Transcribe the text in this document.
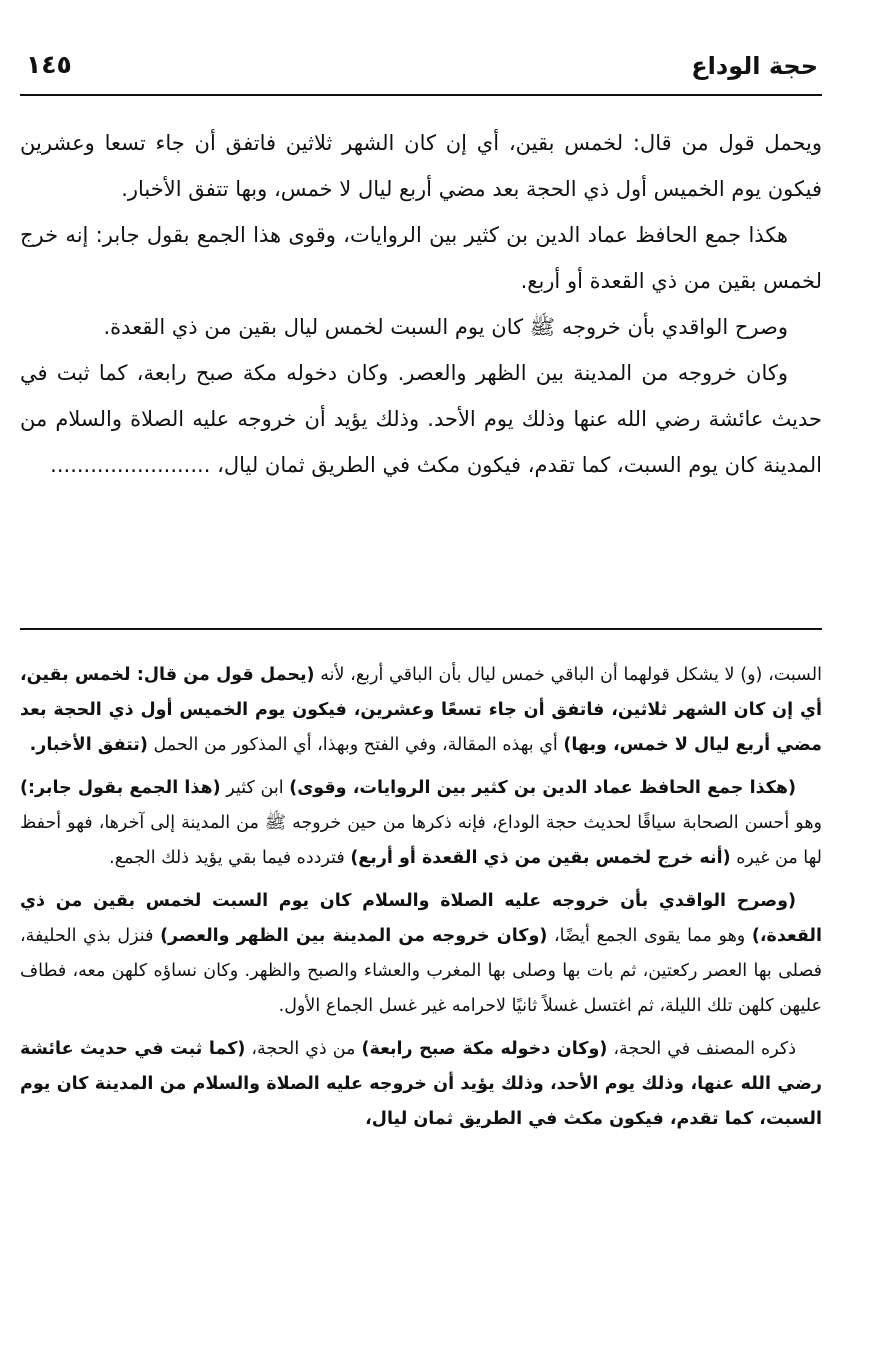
حجة الوداع
١٤٥

ويحمل قول من قال: لخمس بقين، أي إن كان الشهر ثلاثين فاتفق أن جاء تسعا وعشرين فيكون يوم الخميس أول ذي الحجة بعد مضي أربع ليال لا خمس، وبها تتفق الأخبار.

هكذا جمع الحافظ عماد الدين بن كثير بين الروايات، وقوى هذا الجمع بقول جابر: إنه خرج لخمس بقين من ذي القعدة أو أربع.

وصرح الواقدي بأن خروجه ﷺ كان يوم السبت لخمس ليال بقين من ذي القعدة.

وكان خروجه من المدينة بين الظهر والعصر. وكان دخوله مكة صبح رابعة، كما ثبت في حديث عائشة رضي الله عنها وذلك يوم الأحد. وذلك يؤيد أن خروجه عليه الصلاة والسلام من المدينة كان يوم السبت، كما تقدم، فيكون مكث في الطريق ثمان ليال، ........................

السبت، (و) لا يشكل قولهما أن الباقي خمس ليال بأن الباقي أربع، لأنه (يحمل قول من قال: لخمس بقين، أي إن كان الشهر ثلاثين، فاتفق أن جاء تسعًا وعشرين، فيكون يوم الخميس أول ذي الحجة بعد مضي أربع ليال لا خمس، وبها) أي بهذه المقالة، وفي الفتح وبهذا، أي المذكور من الحمل (تتفق الأخبار.

(هكذا جمع الحافظ عماد الدين بن كثير بين الروايات، وقوى) ابن كثير (هذا الجمع بقول جابر:) وهو أحسن الصحابة سياقًا لحديث حجة الوداع، فإنه ذكرها من حين خروجه ﷺ من المدينة إلى آخرها، فهو أحفظ لها من غيره (أنه خرج لخمس بقين من ذي القعدة أو أربع) فتردده فيما بقي يؤيد ذلك الجمع.

(وصرح الواقدي بأن خروجه عليه الصلاة والسلام كان يوم السبت لخمس بقين من ذي القعدة،) وهو مما يقوى الجمع أيضًا، (وكان خروجه من المدينة بين الظهر والعصر) فنزل بذي الحليفة، فصلى بها العصر ركعتين، ثم بات بها وصلى بها المغرب والعشاء والصبح والظهر. وكان نساؤه كلهن معه، فطاف عليهن كلهن تلك الليلة، ثم اغتسل غسلاً ثانيًا لاحرامه غير غسل الجماع الأول.

ذكره المصنف في الحجة، (وكان دخوله مكة صبح رابعة) من ذي الحجة، (كما ثبت في حديث عائشة رضي الله عنها، وذلك يوم الأحد، وذلك يؤيد أن خروجه عليه الصلاة والسلام من المدينة كان يوم السبت، كما تقدم، فيكون مكث في الطريق ثمان ليال،
